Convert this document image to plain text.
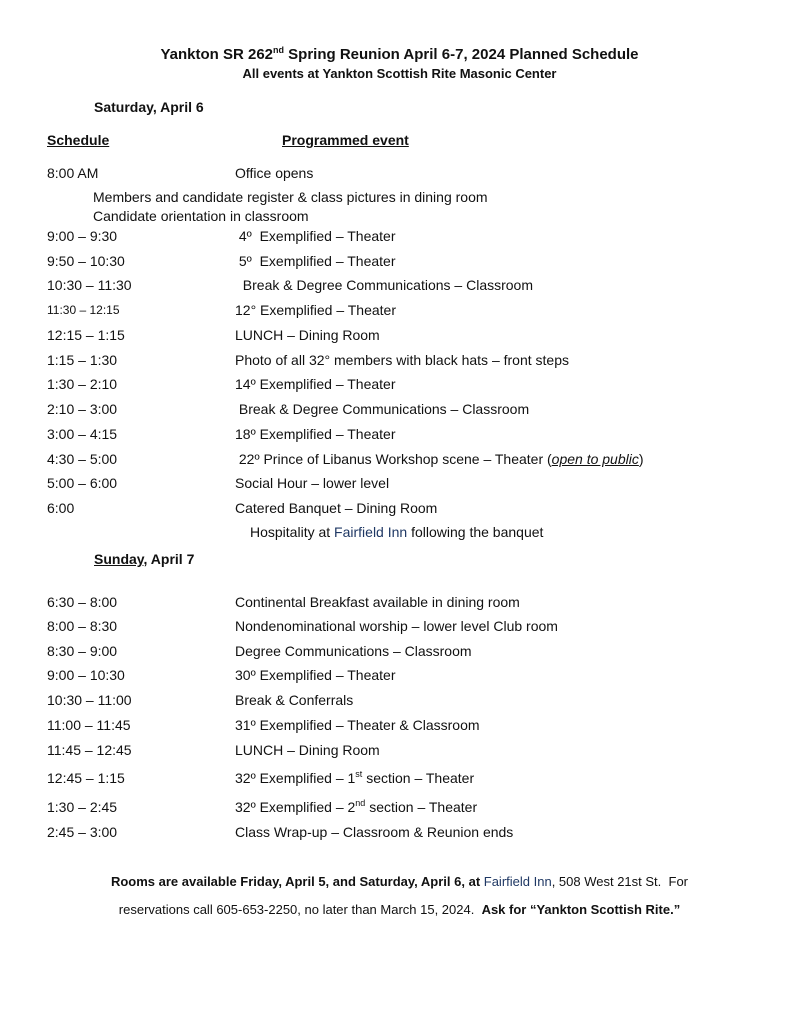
Yankton SR 262nd Spring Reunion April 6-7, 2024 Planned Schedule
All events at Yankton Scottish Rite Masonic Center
Saturday, April 6
Schedule	Programmed event
8:00 AM	Office opens
Members and candidate register & class pictures in dining room
Candidate orientation in classroom
9:00 – 9:30	4º  Exemplified – Theater
9:50 – 10:30	5º  Exemplified – Theater
10:30 – 11:30	Break & Degree Communications – Classroom
11:30 – 12:15	12° Exemplified – Theater
12:15 – 1:15	LUNCH – Dining Room
1:15 – 1:30	Photo of all 32° members with black hats – front steps
1:30 – 2:10	14º Exemplified – Theater
2:10 – 3:00	Break & Degree Communications – Classroom
3:00 – 4:15	18º Exemplified – Theater
4:30 – 5:00	22º Prince of Libanus Workshop scene – Theater (open to public)
5:00 – 6:00	Social Hour – lower level
6:00	Catered Banquet – Dining Room
Hospitality at Fairfield Inn following the banquet
Sunday, April 7
6:30 – 8:00	Continental Breakfast available in dining room
8:00 – 8:30	Nondenominational worship – lower level Club room
8:30 – 9:00	Degree Communications – Classroom
9:00 – 10:30	30º Exemplified – Theater
10:30 – 11:00	Break & Conferrals
11:00 – 11:45	31º Exemplified – Theater & Classroom
11:45 – 12:45	LUNCH – Dining Room
12:45 – 1:15	32º Exemplified – 1st section – Theater
1:30 – 2:45	32º Exemplified – 2nd section – Theater
2:45 – 3:00	Class Wrap-up – Classroom & Reunion ends
Rooms are available Friday, April 5, and Saturday, April 6, at Fairfield Inn, 508 West 21st St.  For
reservations call 605-653-2250, no later than March 15, 2024.  Ask for “Yankton Scottish Rite.”
